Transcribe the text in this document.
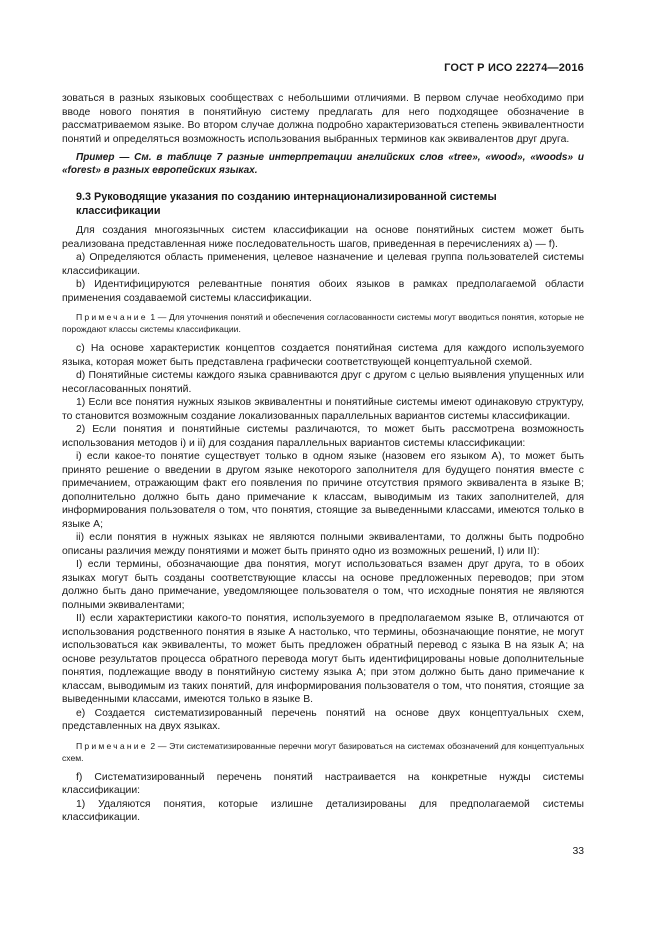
ГОСТ Р ИСО 22274—2016

зоваться в разных языковых сообществах с небольшими отличиями. В первом случае необходимо при вводе нового понятия в понятийную систему предлагать для него подходящее обозначение в рассматриваемом языке. Во втором случае должна подробно характеризоваться степень эквивалентности понятий и определяться возможность использования выбранных терминов как эквивалентов друг друга.

Пример — См. в таблице 7 разные интерпретации английских слов «tree», «wood», «woods» и «forest» в разных европейских языках.

9.3 Руководящие указания по созданию интернационализированной системы классификации

Для создания многоязычных систем классификации на основе понятийных систем может быть реализована представленная ниже последовательность шагов, приведенная в перечислениях а) — f).

а) Определяются область применения, целевое назначение и целевая группа пользователей системы классификации.

b) Идентифицируются релевантные понятия обоих языков в рамках предполагаемой области применения создаваемой системы классификации.

Примечание 1 — Для уточнения понятий и обеспечения согласованности системы могут вводиться понятия, которые не порождают классы системы классификации.

с) На основе характеристик концептов создается понятийная система для каждого используемого языка, которая может быть представлена графически соответствующей концептуальной схемой.

d) Понятийные системы каждого языка сравниваются друг с другом с целью выявления упущенных или несогласованных понятий.

1) Если все понятия нужных языков эквивалентны и понятийные системы имеют одинаковую структуру, то становится возможным создание локализованных параллельных вариантов системы классификации.

2) Если понятия и понятийные системы различаются, то может быть рассмотрена возможность использования методов i) и ii) для создания параллельных вариантов системы классификации:

i) если какое-то понятие существует только в одном языке (назовем его языком А), то может быть принято решение о введении в другом языке некоторого заполнителя для будущего понятия вместе с примечанием, отражающим факт его появления по причине отсутствия прямого эквивалента в языке В; дополнительно должно быть дано примечание к классам, выводимым из таких заполнителей, для информирования пользователя о том, что понятия, стоящие за выведенными классами, имеются только в языке А;

ii) если понятия в нужных языках не являются полными эквивалентами, то должны быть подробно описаны различия между понятиями и может быть принято одно из возможных решений, I) или II):

I) если термины, обозначающие два понятия, могут использоваться взамен друг друга, то в обоих языках могут быть созданы соответствующие классы на основе предложенных переводов; при этом должно быть дано примечание, уведомляющее пользователя о том, что исходные понятия не являются полными эквивалентами;

II) если характеристики какого-то понятия, используемого в предполагаемом языке В, отличаются от использования родственного понятия в языке А настолько, что термины, обозначающие понятие, не могут использоваться как эквиваленты, то может быть предложен обратный перевод с языка В на язык А; на основе результатов процесса обратного перевода могут быть идентифицированы новые дополнительные понятия, подлежащие вводу в понятийную систему языка А; при этом должно быть дано примечание к классам, выводимым из таких понятий, для информирования пользователя о том, что понятия, стоящие за выведенными классами, имеются только в языке В.

е) Создается систематизированный перечень понятий на основе двух концептуальных схем, представленных на двух языках.

Примечание 2 — Эти систематизированные перечни могут базироваться на системах обозначений для концептуальных схем.

f) Систематизированный перечень понятий настраивается на конкретные нужды системы классификации:

1) Удаляются понятия, которые излишне детализированы для предполагаемой системы классификации.

33
